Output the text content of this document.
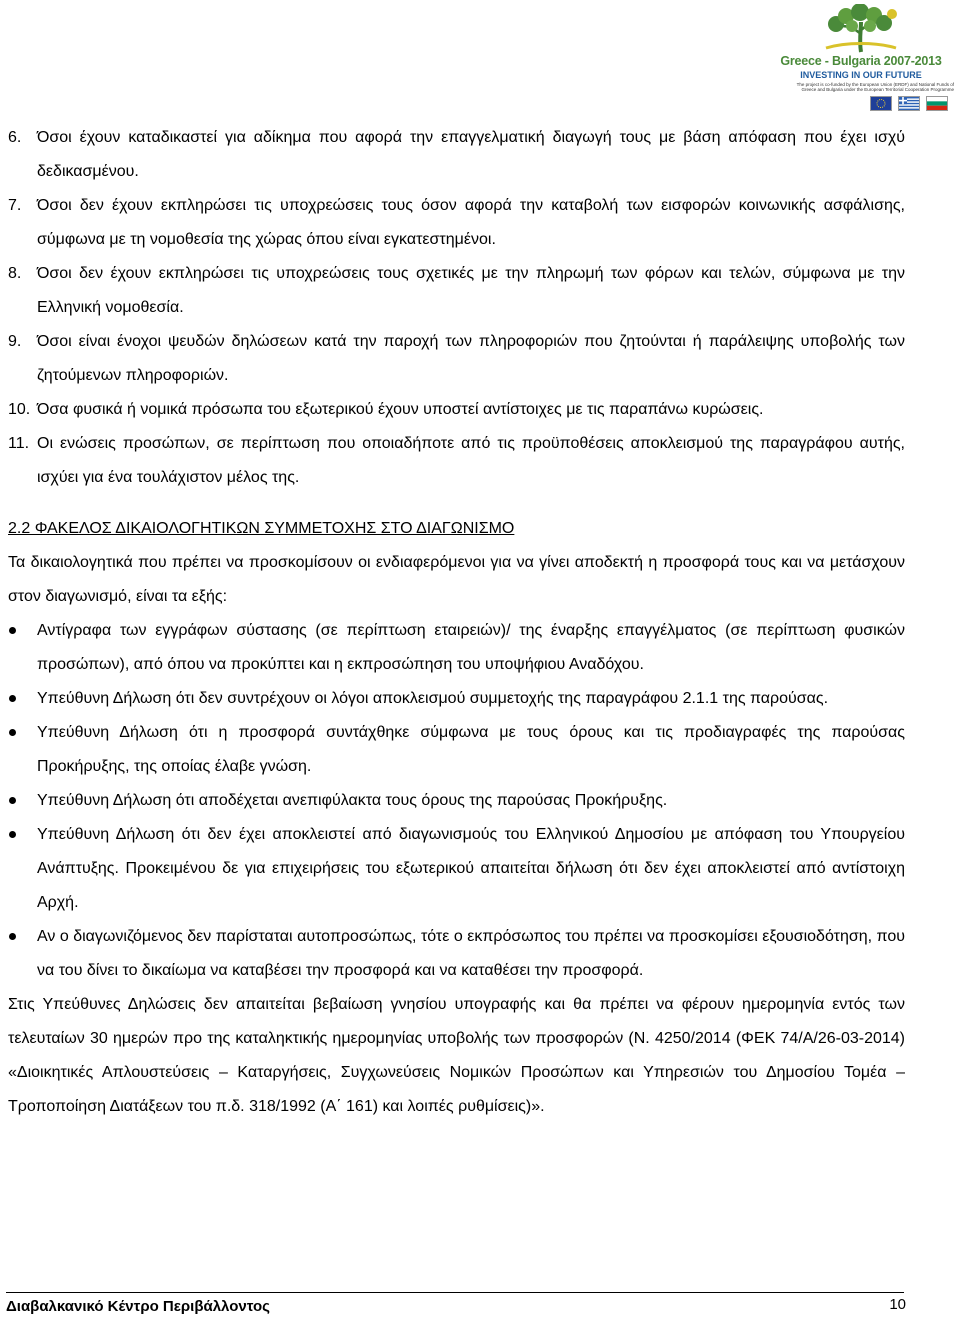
Greece - Bulgaria 2007-2013
INVESTING IN OUR FUTURE
The project is co-funded by the European Union (ERDF) and National Funds of Greece and Bulgaria under the European Territorial Cooperation Programme
6. Όσοι έχουν καταδικαστεί για αδίκημα που αφορά την επαγγελματική διαγωγή τους με βάση απόφαση που έχει ισχύ δεδικασμένου.
7. Όσοι δεν έχουν εκπληρώσει τις υποχρεώσεις τους όσον αφορά την καταβολή των εισφορών κοινωνικής ασφάλισης, σύμφωνα με τη νομοθεσία της χώρας όπου είναι εγκατεστημένοι.
8. Όσοι δεν έχουν εκπληρώσει τις υποχρεώσεις τους σχετικές με την πληρωμή των φόρων και τελών, σύμφωνα με την Ελληνική νομοθεσία.
9. Όσοι είναι ένοχοι ψευδών δηλώσεων κατά την παροχή των πληροφοριών που ζητούνται ή παράλειψης υποβολής των ζητούμενων πληροφοριών.
10. Όσα φυσικά ή νομικά πρόσωπα του εξωτερικού έχουν υποστεί αντίστοιχες με τις παραπάνω κυρώσεις.
11. Οι ενώσεις προσώπων, σε περίπτωση που οποιαδήποτε από τις προϋποθέσεις αποκλεισμού της παραγράφου αυτής, ισχύει για ένα τουλάχιστον μέλος της.
2.2 ΦΑΚΕΛΟΣ ΔΙΚΑΙΟΛΟΓΗΤΙΚΩΝ ΣΥΜΜΕΤΟΧΗΣ ΣΤΟ ΔΙΑΓΩΝΙΣΜΟ
Τα δικαιολογητικά που πρέπει να προσκομίσουν οι ενδιαφερόμενοι για να γίνει αποδεκτή η προσφορά τους και να μετάσχουν στον διαγωνισμό, είναι τα εξής:
Αντίγραφα των εγγράφων σύστασης (σε περίπτωση εταιρειών)/ της έναρξης επαγγέλματος (σε περίπτωση φυσικών προσώπων), από όπου να προκύπτει και η εκπροσώπηση του υποψήφιου Αναδόχου.
Υπεύθυνη Δήλωση ότι δεν συντρέχουν οι λόγοι αποκλεισμού συμμετοχής της παραγράφου 2.1.1 της παρούσας.
Υπεύθυνη Δήλωση ότι η προσφορά συντάχθηκε σύμφωνα με τους όρους και τις προδιαγραφές της παρούσας Προκήρυξης, της οποίας έλαβε γνώση.
Υπεύθυνη Δήλωση ότι αποδέχεται ανεπιφύλακτα τους όρους της παρούσας Προκήρυξης.
Υπεύθυνη Δήλωση ότι δεν έχει αποκλειστεί από διαγωνισμούς του Ελληνικού Δημοσίου με απόφαση του Υπουργείου Ανάπτυξης. Προκειμένου δε για επιχειρήσεις του εξωτερικού απαιτείται δήλωση ότι δεν έχει αποκλειστεί από αντίστοιχη Αρχή.
Αν ο διαγωνιζόμενος δεν παρίσταται αυτοπροσώπως, τότε ο εκπρόσωπος του πρέπει να προσκομίσει εξουσιοδότηση, που να του δίνει το δικαίωμα να καταβέσει την προσφορά και να καταθέσει την προσφορά.
Στις Υπεύθυνες Δηλώσεις δεν απαιτείται βεβαίωση γνησίου υπογραφής και θα πρέπει να φέρουν ημερομηνία εντός των τελευταίων 30 ημερών προ της καταληκτικής ημερομηνίας υποβολής των προσφορών (Ν. 4250/2014 (ΦΕΚ 74/Α/26-03-2014) «Διοικητικές Απλουστεύσεις – Καταργήσεις, Συγχωνεύσεις Νομικών Προσώπων και Υπηρεσιών του Δημοσίου Τομέα – Τροποποίηση Διατάξεων του π.δ. 318/1992 (Α΄ 161) και λοιπές ρυθμίσεις)».
Διαβαλκανικό Κέντρο Περιβάλλοντος	10
